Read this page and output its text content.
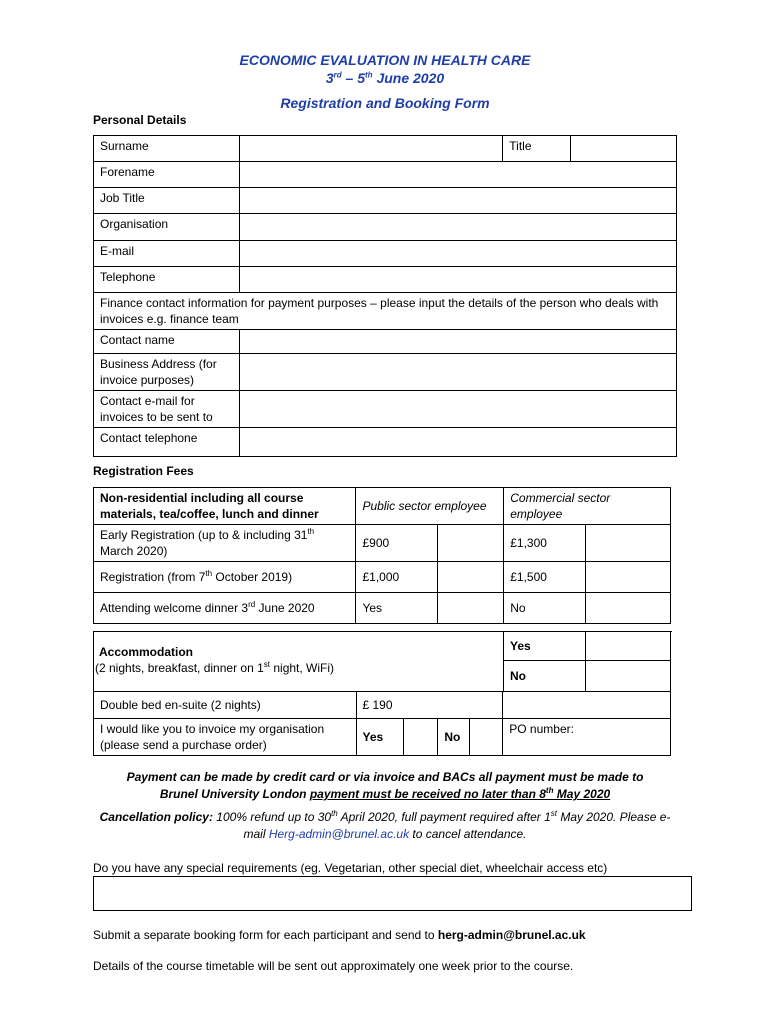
ECONOMIC EVALUATION IN HEALTH CARE
3rd – 5th June 2020
Registration and Booking Form
Personal Details
Surname		Title	
Forename			
Job Title			
Organisation			
E-mail			
Telephone			
Finance contact information for payment purposes – please input the details of the person who deals with invoices e.g. finance team			
Contact name			
Business Address (for invoice purposes)			
Contact e-mail for invoices to be sent to			
Contact telephone			
Registration Fees
Non-residential including all course materials, tea/coffee, lunch and dinner	Public sector employee		Commercial sector employee	
Early Registration (up to & including 31th March 2020)	£900		£1,300	
Registration (from 7th October 2019)	£1,000		£1,500	
Attending welcome dinner 3rd June 2020	Yes		No	
Accommodation
(2 nights, breakfast, dinner on 1st night, WiFi)
Yes	
No	
Double bed en-suite (2 nights)	£ 190				
I would like you to invoice my organisation (please send a purchase order)	Yes		No		PO number:
Payment can be made by credit card or via invoice and BACs all payment must be made to
Brunel University London payment must be received no later than 8th May 2020
Cancellation policy: 100% refund up to 30th April 2020, full payment required after 1st May 2020. Please e-
mail Herg-admin@brunel.ac.uk to cancel attendance.
Do you have any special requirements (eg. Vegetarian, other special diet, wheelchair access etc)
Submit a separate booking form for each participant and send to herg-admin@brunel.ac.uk
Details of the course timetable will be sent out approximately one week prior to the course.
